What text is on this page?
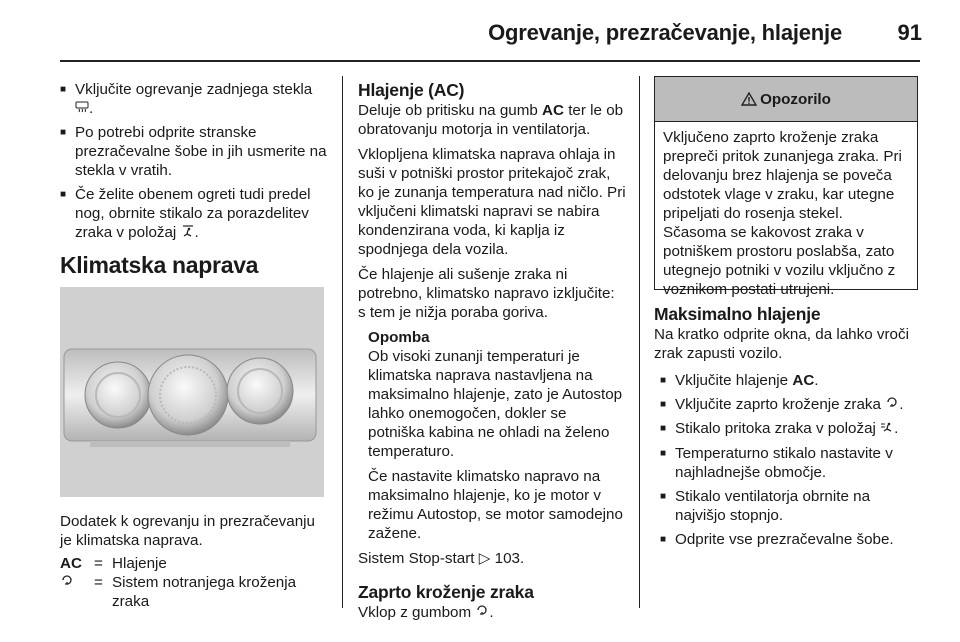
Ogrevanje, prezračevanje, hlajenje	91
■ Vključite ogrevanje zadnjega stekla .
■ Po potrebi odprite stranske prezračevalne šobe in jih usmerite na stekla v vratih.
■ Če želite obenem ogreti tudi predel nog, obrnite stikalo za porazdelitev zraka v položaj .
Klimatska naprava
Dodatek k ogrevanju in prezračevanju je klimatska naprava.
AC = Hlajenje
= Sistem notranjega kroženja zraka
Hlajenje (AC)

Deluje ob pritisku na gumb AC ter le ob obratovanju motorja in ventilatorja.

Vklopljena klimatska naprava ohlaja in suši v potniški prostor pritekajoč zrak, ko je zunanja temperatura nad ničlo. Pri vključeni klimatski napravi se nabira kondenzirana voda, ki kaplja iz spodnjega dela vozila.

Če hlajenje ali sušenje zraka ni potrebno, klimatsko napravo izključite: s tem je nižja poraba goriva.

Opomba

Ob visoki zunanji temperaturi je klimatska naprava nastavljena na maksimalno hlajenje, zato je Autostop lahko onemogočen, dokler se potniška kabina ne ohladi na želeno temperaturo.

Če nastavite klimatsko napravo na maksimalno hlajenje, ko je motor v režimu Autostop, se motor samodejno zažene.

Sistem Stop-start ▷ 103.

Zaprto kroženje zraka

Vklop z gumbom .

Opozorilo
Vključeno zaprto kroženje zraka prepreči pritok zunanjega zraka. Pri delovanju brez hlajenja se poveča odstotek vlage v zraku, kar utegne pripeljati do rosenja stekel. Sčasoma se kakovost zraka v potniškem prostoru poslabša, zato utegnejo potniki v vozilu vključno z voznikom postati utrujeni.
Maksimalno hlajenje

Na kratko odprite okna, da lahko vroči zrak zapusti vozilo.

■ Vključite hlajenje AC.
■ Vključite zaprto kroženje zraka .
■ Stikalo pritoka zraka v položaj .
■ Temperaturno stikalo nastavite v najhladnejše območje.
■ Stikalo ventilatorja obrnite na najvišjo stopnjo.
■ Odprite vse prezračevalne šobe.
